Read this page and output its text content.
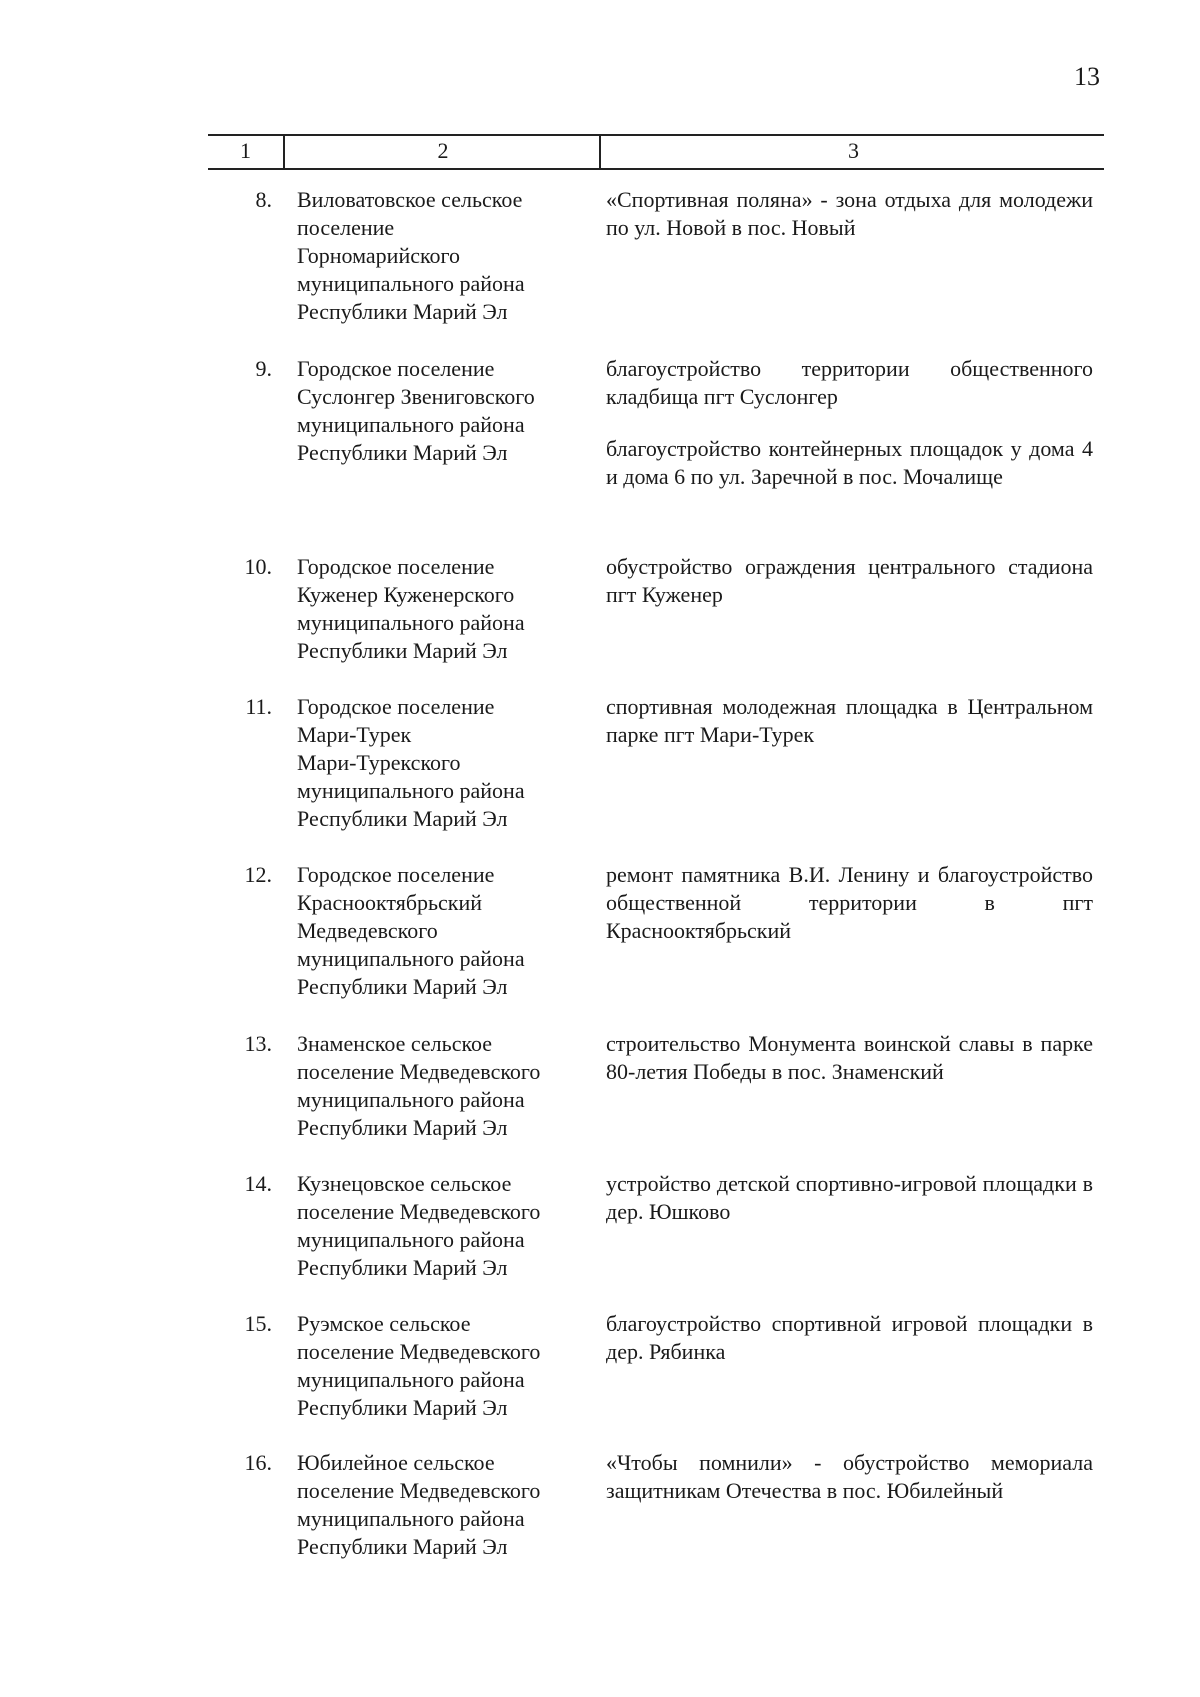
13
1	2	3
8. Виловатовское сельское
поселение
Горномарийского
муниципального района
Республики Марий Эл
«Спортивная поляна» - зона отдыха для молодежи по ул. Новой в пос. Новый
9. Городское поселение
Суслонгер Звениговского
муниципального района
Республики Марий Эл
благоустройство территории общественного кладбища пгт Суслонгер
благоустройство контейнерных площадок у дома 4 и дома 6 по ул. Заречной в пос. Мочалище
10. Городское поселение
Куженер Куженерского
муниципального района
Республики Марий Эл
обустройство ограждения центрального стадиона пгт Куженер
11. Городское поселение
Мари-Турек
Мари-Турекского
муниципального района
Республики Марий Эл
спортивная молодежная площадка в Центральном парке пгт Мари-Турек
12. Городское поселение
Краснооктябрьский
Медведевского
муниципального района
Республики Марий Эл
ремонт памятника В.И. Ленину и благоустройство общественной территории в пгт Краснооктябрьский
13. Знаменское сельское
поселение Медведевского
муниципального района
Республики Марий Эл
строительство Монумента воинской славы в парке 80-летия Победы в пос. Знаменский
14. Кузнецовское сельское
поселение Медведевского
муниципального района
Республики Марий Эл
устройство детской спортивно-игровой площадки в дер. Юшково
15. Руэмское сельское
поселение Медведевского
муниципального района
Республики Марий Эл
благоустройство спортивной игровой площадки в дер. Рябинка
16. Юбилейное сельское
поселение Медведевского
муниципального района
Республики Марий Эл
«Чтобы помнили» - обустройство мемориала защитникам Отечества в пос. Юбилейный
